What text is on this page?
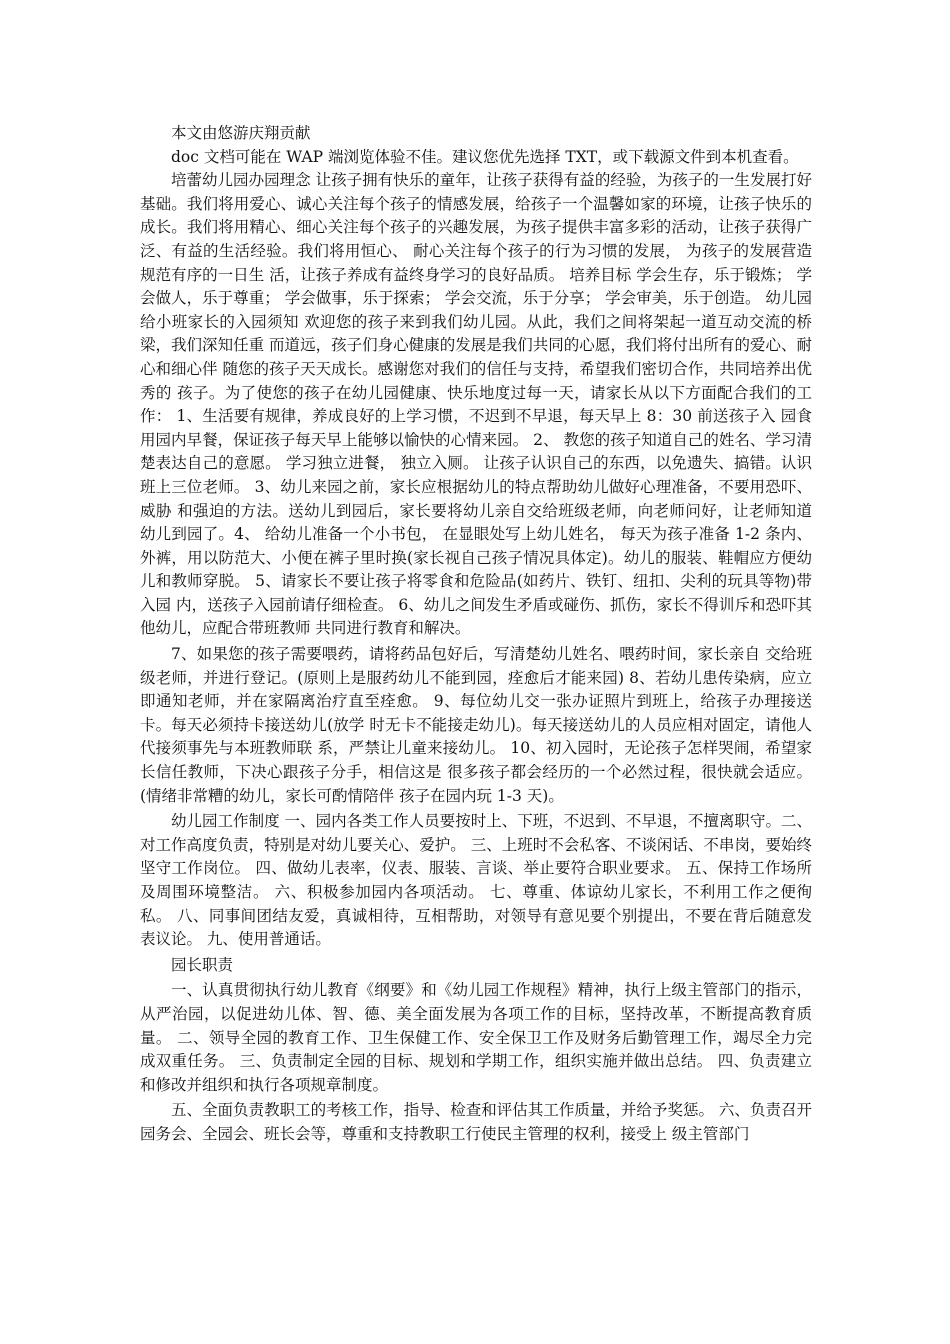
本文由悠游庆翔贡献

doc 文档可能在 WAP 端浏览体验不佳。建议您优先选择 TXT，或下载源文件到本机查看。

培蕾幼儿园办园理念 让孩子拥有快乐的童年，让孩子获得有益的经验，为孩子的一生发展打好基础。我们将用爱心、诚心关注每个孩子的情感发展，给孩子一个温馨如家的环境，让孩子快乐的 成长。我们将用精心、细心关注每个孩子的兴趣发展，为孩子提供丰富多彩的活动，让孩子获得广 泛、有益的生活经验。我们将用恒心、 耐心关注每个孩子的行为习惯的发展， 为孩子的发展营造规范有序的一日生 活，让孩子养成有益终身学习的良好品质。 培养目标 学会生存，乐于锻炼； 学会做人，乐于尊重； 学会做事，乐于探索； 学会交流，乐于分享； 学会审美，乐于创造。 幼儿园给小班家长的入园须知 欢迎您的孩子来到我们幼儿园。从此，我们之间将架起一道互动交流的桥梁，我们深知任重 而道远，孩子们身心健康的发展是我们共同的心愿，我们将付出所有的爱心、耐心和细心伴 随您的孩子天天成长。感谢您对我们的信任与支持，希望我们密切合作，共同培养出优秀的 孩子。为了使您的孩子在幼儿园健康、快乐地度过每一天，请家长从以下方面配合我们的工 作： 1、生活要有规律，养成良好的上学习惯，不迟到不早退，每天早上 8：30 前送孩子入 园食用园内早餐，保证孩子每天早上能够以愉快的心情来园。 2、 教您的孩子知道自己的姓名、学习清楚表达自己的意愿。 学习独立进餐， 独立入厕。 让孩子认识自己的东西，以免遗失、搞错。认识班上三位老师。 3、幼儿来园之前，家长应根据幼儿的特点帮助幼儿做好心理准备，不要用恐吓、威胁 和强迫的方法。送幼儿到园后，家长要将幼儿亲自交给班级老师，向老师问好，让老师知道 幼儿到园了。4、 给幼儿准备一个小书包， 在显眼处写上幼儿姓名， 每天为孩子准备 1-2 条内、 外裤，用以防范大、小便在裤子里时换(家长视自己孩子情况具体定)。幼儿的服装、鞋帽应方便幼儿和教师穿脱。 5、请家长不要让孩子将零食和危险品(如药片、铁钉、纽扣、尖利的玩具等物)带入园 内，送孩子入园前请仔细检查。 6、幼儿之间发生矛盾或碰伤、抓伤，家长不得训斥和恐吓其他幼儿，应配合带班教师 共同进行教育和解决。

7、如果您的孩子需要喂药，请将药品包好后，写清楚幼儿姓名、喂药时间，家长亲自 交给班级老师，并进行登记。(原则上是服药幼儿不能到园，痊愈后才能来园) 8、若幼儿患传染病，应立即通知老师，并在家隔离治疗直至痊愈。 9、每位幼儿交一张办证照片到班上，给孩子办理接送卡。每天必须持卡接送幼儿(放学 时无卡不能接走幼儿)。每天接送幼儿的人员应相对固定，请他人代接须事先与本班教师联 系，严禁让儿童来接幼儿。 10、初入园时，无论孩子怎样哭闹，希望家长信任教师，下决心跟孩子分手，相信这是 很多孩子都会经历的一个必然过程，很快就会适应。(情绪非常糟的幼儿，家长可酌情陪伴 孩子在园内玩 1-3 天)。

幼儿园工作制度 一、园内各类工作人员要按时上、下班，不迟到、不早退，不擅离职守。二、对工作高度负责，特别是对幼儿要关心、爱护。 三、上班时不会私客、不谈闲话、不串岗，要始终坚守工作岗位。 四、做幼儿表率，仪表、服装、言谈、举止要符合职业要求。 五、保持工作场所及周围环境整洁。 六、积极参加园内各项活动。 七、尊重、体谅幼儿家长，不利用工作之便徇私。 八、同事间团结友爱，真诚相待，互相帮助，对领导有意见要个别提出，不要在背后随意发 表议论。 九、使用普通话。

园长职责

一、认真贯彻执行幼儿教育《纲要》和《幼儿园工作规程》精神，执行上级主管部门的指示，从严治园，以促进幼儿体、智、德、美全面发展为各项工作的目标，坚持改革，不断提高教育质量。 二、领导全园的教育工作、卫生保健工作、安全保卫工作及财务后勤管理工作，竭尽全力完 成双重任务。 三、负责制定全园的目标、规划和学期工作，组织实施并做出总结。 四、负责建立和修改并组织和执行各项规章制度。

五、全面负责教职工的考核工作，指导、检查和评估其工作质量，并给予奖惩。 六、负责召开园务会、全园会、班长会等，尊重和支持教职工行使民主管理的权利，接受上 级主管部门
